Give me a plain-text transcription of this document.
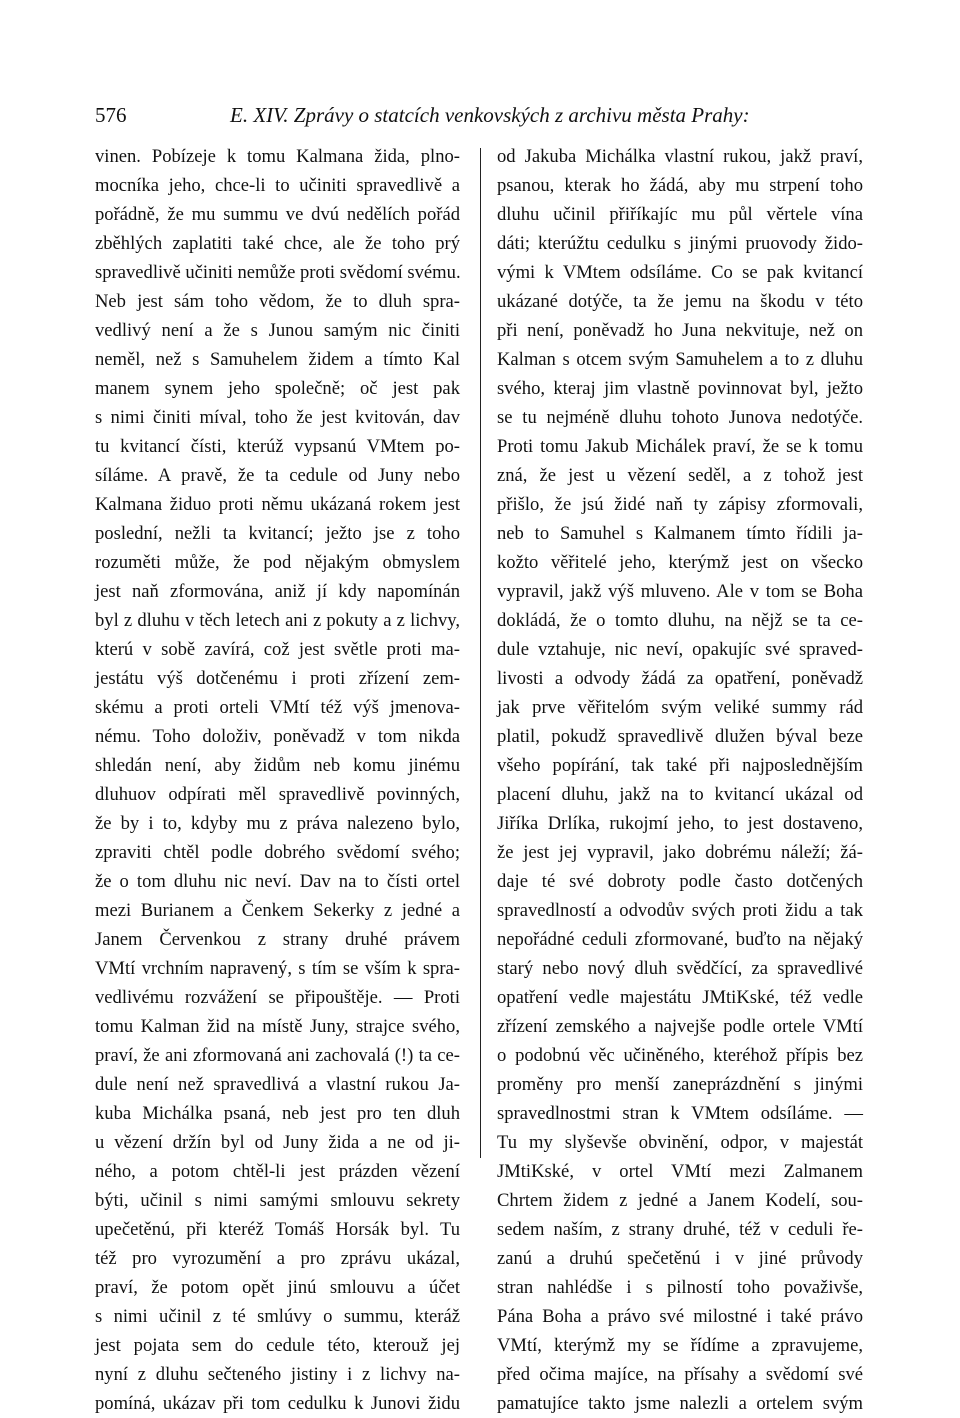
576	E. XIV. Zprávy o statcích venkovských z archivu města Prahy:
vinen. Pobízeje k tomu Kalmana žida, plno-
mocníka jeho, chce-li to učiniti spravedlivě a
pořádně, že mu summu ve dvú nedělích pořád
zběhlých zaplatiti také chce, ale že toho prý
spravedlivě učiniti nemůže proti svědomí svému.
Neb jest sám toho vědom, že to dluh spra-
vedlivý není a že s Junou samým nic činiti
neměl, než s Samuhelem židem a tímto Kal
manem synem jeho společně; oč jest pak
s nimi činiti míval, toho že jest kvitován, dav
tu kvitancí čísti, kterúž vypsanú VMtem po-
síláme. A pravě, že ta cedule od Juny nebo
Kalmana židuo proti němu ukázaná rokem jest
poslední, nežli ta kvitancí; ježto jse z toho
rozuměti může, že pod nějakým obmyslem
jest naň zformována, aniž jí kdy napomínán
byl z dluhu v těch letech ani z pokuty a z lichvy,
kterú v sobě zavírá, což jest světle proti ma-
jestátu výš dotčenému i proti zřízení zem-
skému a proti orteli VMtí též výš jmenova-
nému. Toho doloživ, poněvadž v tom nikda
shledán není, aby židům neb komu jinému
dluhuov odpírati měl spravedlivě povinných,
že by i to, kdyby mu z práva nalezeno bylo,
zpraviti chtěl podle dobrého svědomí svého;
že o tom dluhu nic neví. Dav na to čísti ortel
mezi Burianem a Čenkem Sekerky z jedné a
Janem Červenkou z strany druhé právem
VMtí vrchním napravený, s tím se vším k spra-
vedlivému rozvážení se připouštěje. — Proti
tomu Kalman žid na místě Juny, strajce svého,
praví, že ani zformovaná ani zachovalá (!) ta ce-
dule není než spravedlivá a vlastní rukou Ja-
kuba Michálka psaná, neb jest pro ten dluh
u vězení držín byl od Juny žida a ne od ji-
ného, a potom chtěl-li jest prázden vězení
býti, učinil s nimi samými smlouvu sekrety
upečetěnú, při kteréž Tomáš Horsák byl. Tu
též pro vyrozumění a pro zprávu ukázal,
praví, že potom opět jinú smlouvu a účet
s nimi učinil z té smlúvy o summu, kteráž
jest pojata sem do cedule této, kterouž jej
nyní z dluhu sečteného jistiny i z lichvy na-
pomíná, ukázav při tom cedulku k Junovi židu
od Jakuba Michálka vlastní rukou, jakž praví,
psanou, kterak ho žádá, aby mu strpení toho
dluhu učinil přiříkajíc mu půl věrtele vína
dáti; kterúžtu cedulku s jinými pruovody žido-
vými k VMtem odsíláme. Co se pak kvitancí
ukázané dotýče, ta že jemu na škodu v této
při není, poněvadž ho Juna nekvituje, než on
Kalman s otcem svým Samuhelem a to z dluhu
svého, kteraj jim vlastně povinnovat byl, ježto
se tu nejméně dluhu tohoto Junova nedotýče.
Proti tomu Jakub Michálek praví, že se k tomu
zná, že jest u vězení seděl, a z tohož jest
přišlo, že jsú židé naň ty zápisy zformovali,
neb to Samuhel s Kalmanem tímto řídili ja-
kožto věřitelé jeho, kterýmž jest on všecko
vypravil, jakž výš mluveno. Ale v tom se Boha
dokládá, že o tomto dluhu, na nějž se ta ce-
dule vztahuje, nic neví, opakujíc své spraved-
livosti a odvody žádá za opatření, poněvadž
jak prve věřitelóm svým veliké summy rád
platil, pokudž spravedlivě dlužen býval beze
všeho popírání, tak také při najposlednějším
placení dluhu, jakž na to kvitancí ukázal od
Jiříka Drlíka, rukojmí jeho, to jest dostaveno,
že jest jej vypravil, jako dobrému náleží; žá-
daje té své dobroty podle často dotčených
spravedlností a odvodův svých proti židu a tak
nepořádné ceduli zformované, buďto na nějaký
starý nebo nový dluh svědčící, za spravedlivé
opatření vedle majestátu JMtiKské, též vedle
zřízení zemského a najvejše podle ortele VMtí
o podobnú věc učiněného, kteréhož přípis bez
proměny pro menší zaneprázdnění s jinými
spravedlnostmi stran k VMtem odsíláme. —
Tu my slyševše obvinění, odpor, v majestát
JMtiKské, v ortel VMtí mezi Zalmanem
Chrtem židem z jedné a Janem Kodelí, sou-
sedem naším, z strany druhé, též v ceduli ře-
zanú a druhú spečetěnú i v jiné průvody
stran nahlédše i s pilností toho považivše,
Pána Boha a právo své milostné i také právo
VMtí, kterýmž my se řídíme a zpravujeme,
před očima majíce, na přísahy a svědomí své
pamatujíce takto jsme nalezli a ortelem svým
